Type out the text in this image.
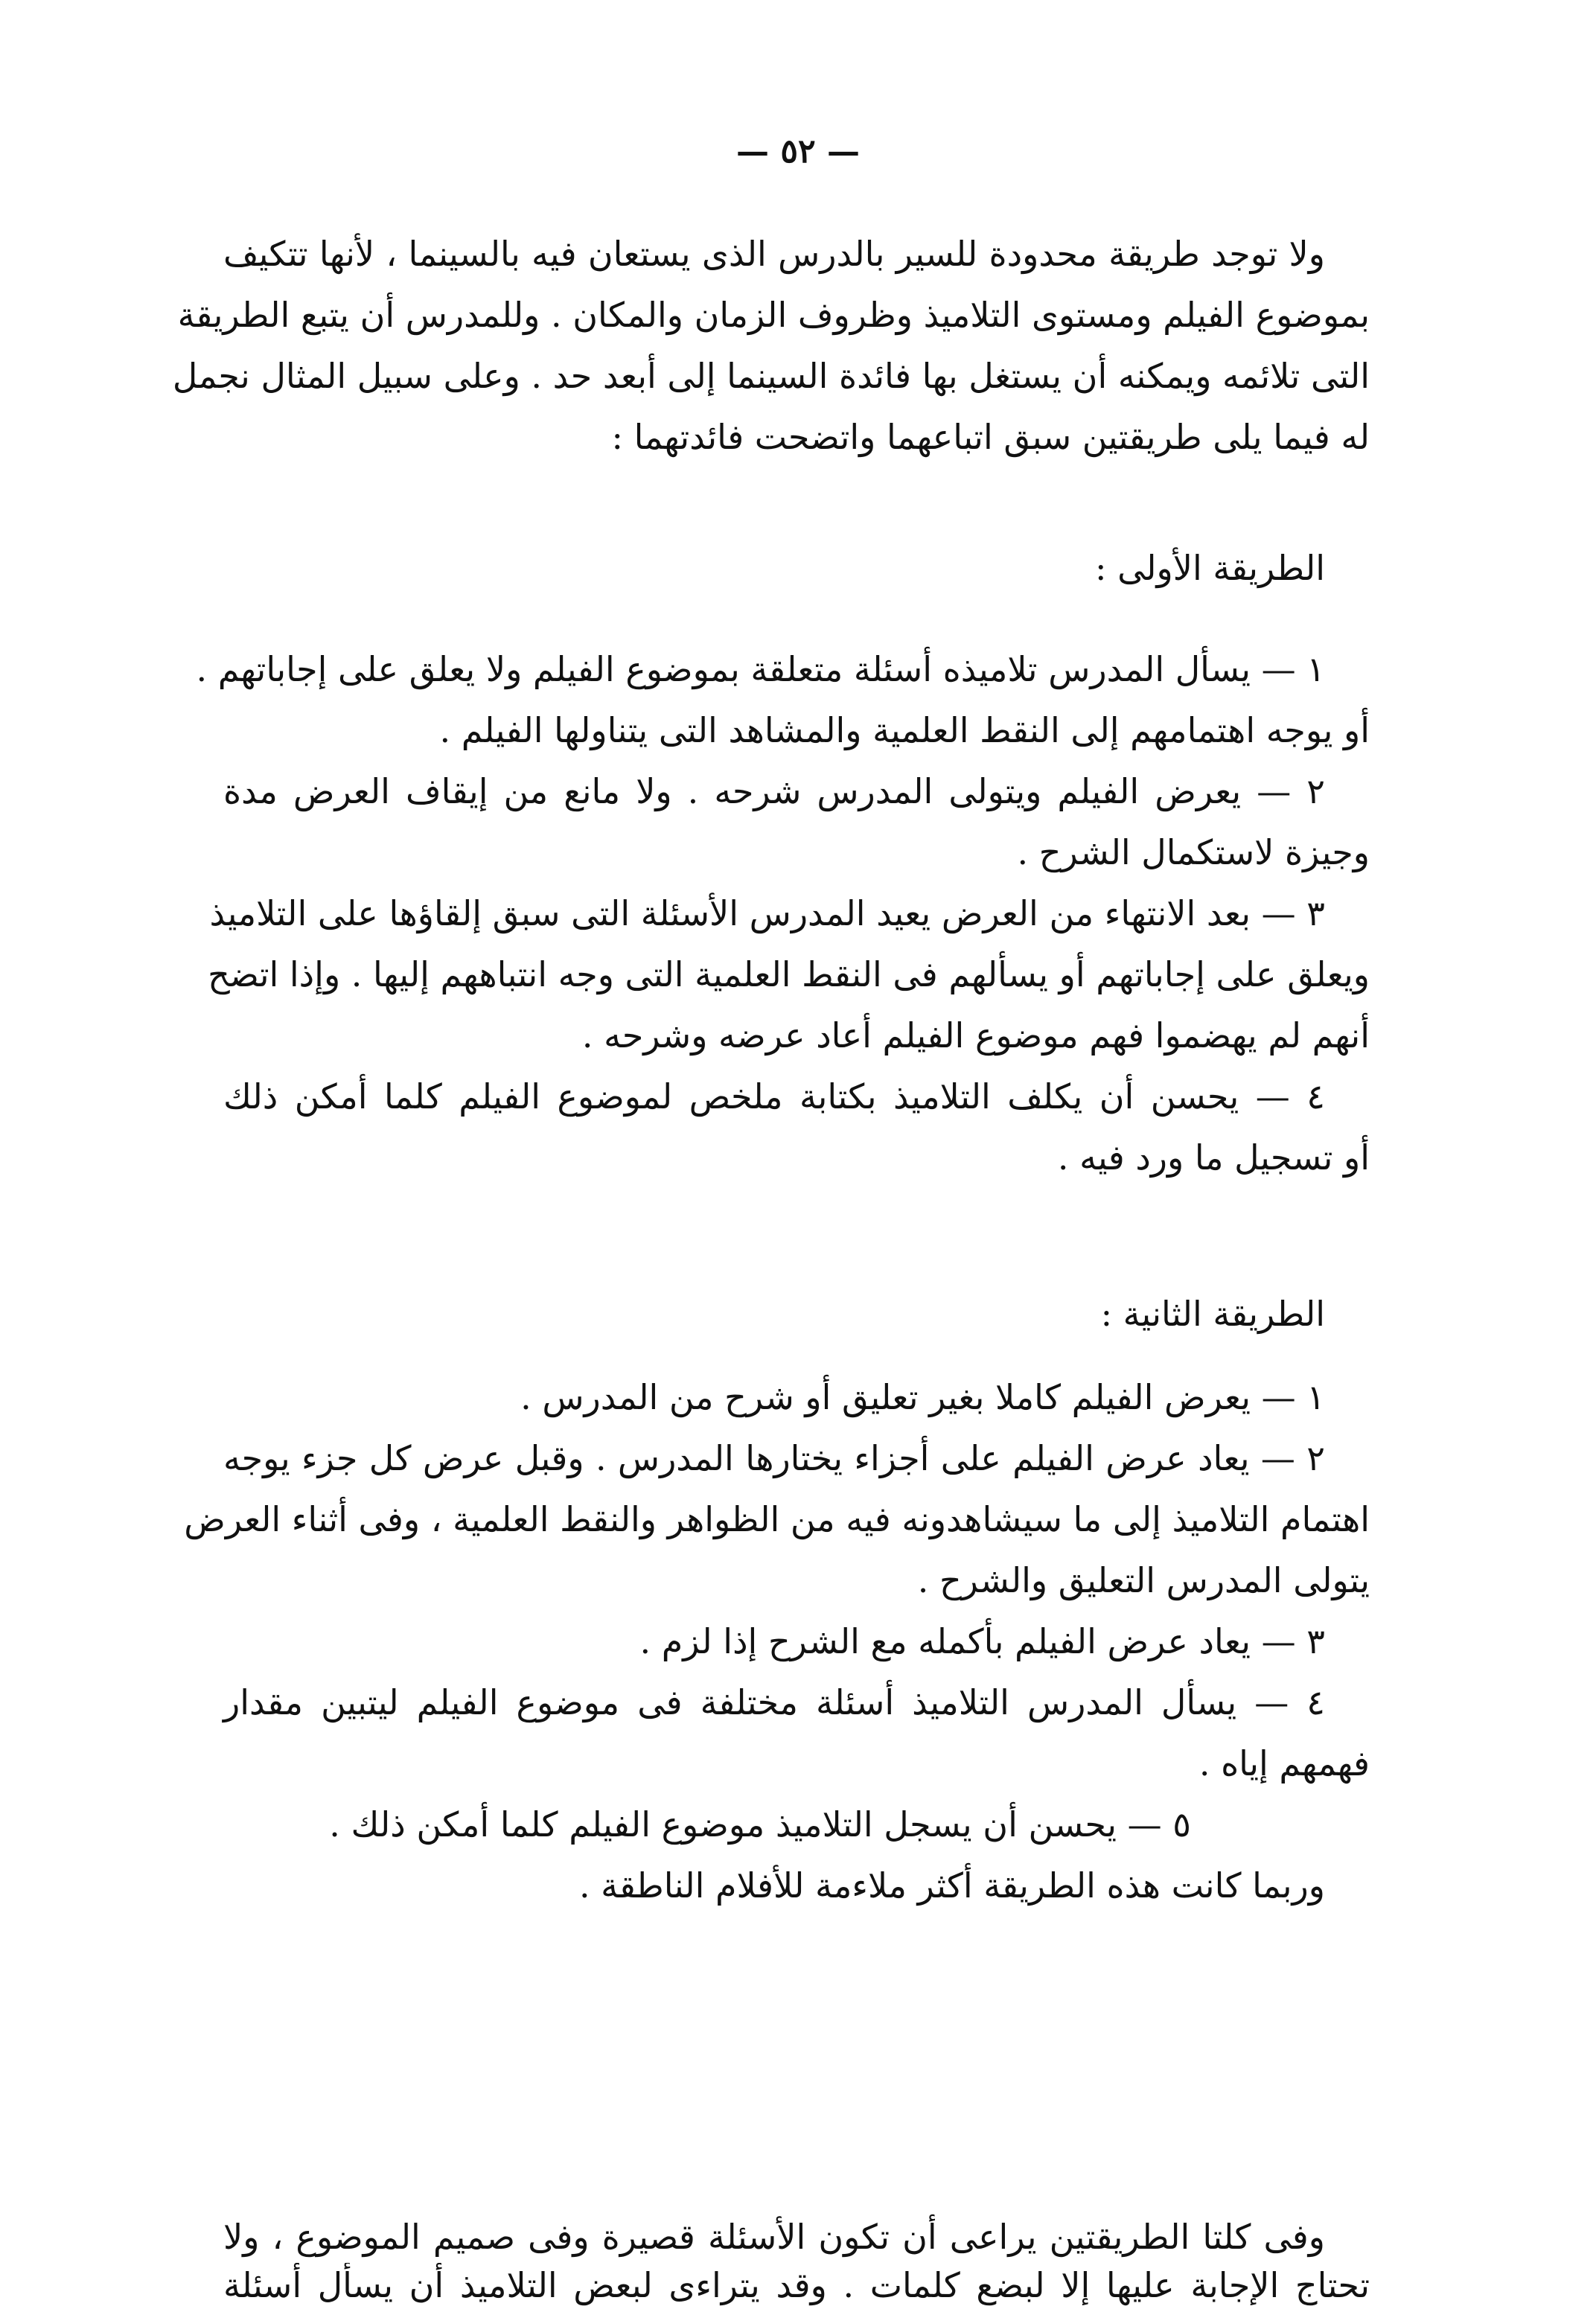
— ٥٢ —
ولا توجد طريقة محدودة للسير بالدرس الذى يستعان فيه بالسينما ، لأنها تتكيف
بموضوع الفيلم ومستوى التلاميذ وظروف الزمان والمكان . وللمدرس أن يتبع الطريقة
التى تلائمه ويمكنه أن يستغل بها فائدة السينما إلى أبعد حد . وعلى سبيل المثال نجمل
له فيما يلى طريقتين سبق اتباعهما واتضحت فائدتهما :
الطريقة الأولى :
١ — يسأل المدرس تلاميذه أسئلة متعلقة بموضوع الفيلم ولا يعلق على إجاباتهم .
أو يوجه اهتمامهم إلى النقط العلمية والمشاهد التى يتناولها الفيلم .
٢ — يعرض الفيلم ويتولى المدرس شرحه . ولا مانع من إيقاف العرض مدة
وجيزة لاستكمال الشرح .
٣ — بعد الانتهاء من العرض يعيد المدرس الأسئلة التى سبق إلقاؤها على التلاميذ
ويعلق على إجاباتهم أو يسألهم فى النقط العلمية التى وجه انتباههم إليها . وإذا اتضح
أنهم لم يهضموا فهم موضوع الفيلم أعاد عرضه وشرحه .
٤ — يحسن أن يكلف التلاميذ بكتابة ملخص لموضوع الفيلم كلما أمكن ذلك
أو تسجيل ما ورد فيه .
الطريقة الثانية :
١ — يعرض الفيلم كاملا بغير تعليق أو شرح من المدرس .
٢ — يعاد عرض الفيلم على أجزاء يختارها المدرس . وقبل عرض كل جزء يوجه
اهتمام التلاميذ إلى ما سيشاهدونه فيه من الظواهر والنقط العلمية ، وفى أثناء العرض
يتولى المدرس التعليق والشرح .
٣ — يعاد عرض الفيلم بأكمله مع الشرح إذا لزم .
٤ — يسأل المدرس التلاميذ أسئلة مختلفة فى موضوع الفيلم ليتبين مقدار
فهمهم إياه .
٥ — يحسن أن يسجل التلاميذ موضوع الفيلم كلما أمكن ذلك .
وربما كانت هذه الطريقة أكثر ملاءمة للأفلام الناطقة .
وفى كلتا الطريقتين يراعى أن تكون الأسئلة قصيرة وفى صميم الموضوع ، ولا
تحتاج الإجابة عليها إلا لبضع كلمات . وقد يتراءى لبعض التلاميذ أن يسأل أسئلة
